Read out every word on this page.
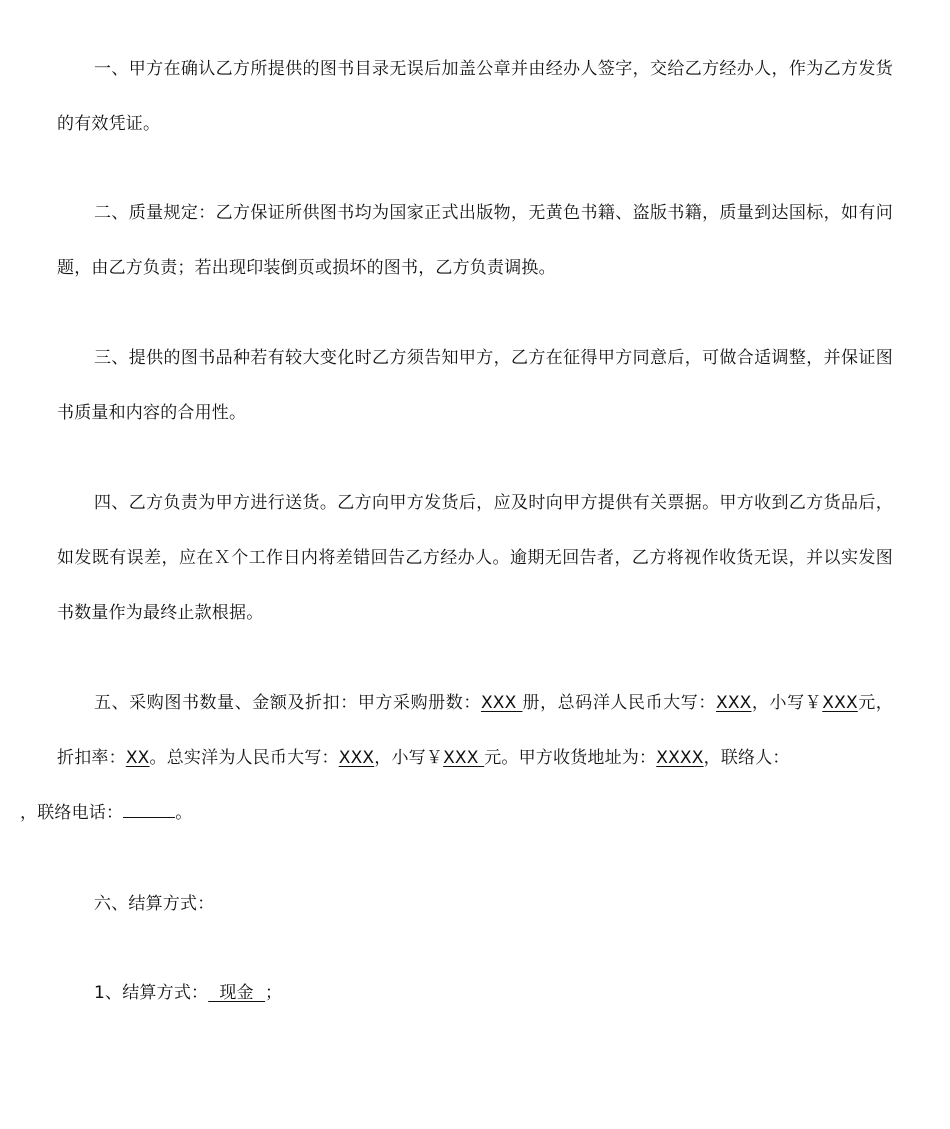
一、甲方在确认乙方所提供的图书目录无误后加盖公章并由经办人签字，交给乙方经办人，作为乙方发货的有效凭证。

二、质量规定：乙方保证所供图书均为国家正式出版物，无黄色书籍、盗版书籍，质量到达国标，如有问题，由乙方负责；若出现印装倒页或损坏的图书，乙方负责调换。

三、提供的图书品种若有较大变化时乙方须告知甲方，乙方在征得甲方同意后，可做合适调整，并保证图书质量和内容的合用性。

四、乙方负责为甲方进行送货。乙方向甲方发货后，应及时向甲方提供有关票据。甲方收到乙方货品后，如发既有误差，应在Ｘ个工作日内将差错回告乙方经办人。逾期无回告者，乙方将视作收货无误，并以实发图书数量作为最终止款根据。

五、采购图书数量、金额及折扣：甲方采购册数：XXX 册，总码洋人民币大写：XXX，小写￥XXX元，折扣率：XX。总实洋为人民币大写：XXX，小写￥XXX 元。甲方收货地址为：XXXX，联络人：
，联络电话：	。

六、结算方式：

1、结算方式：  现金  ；
